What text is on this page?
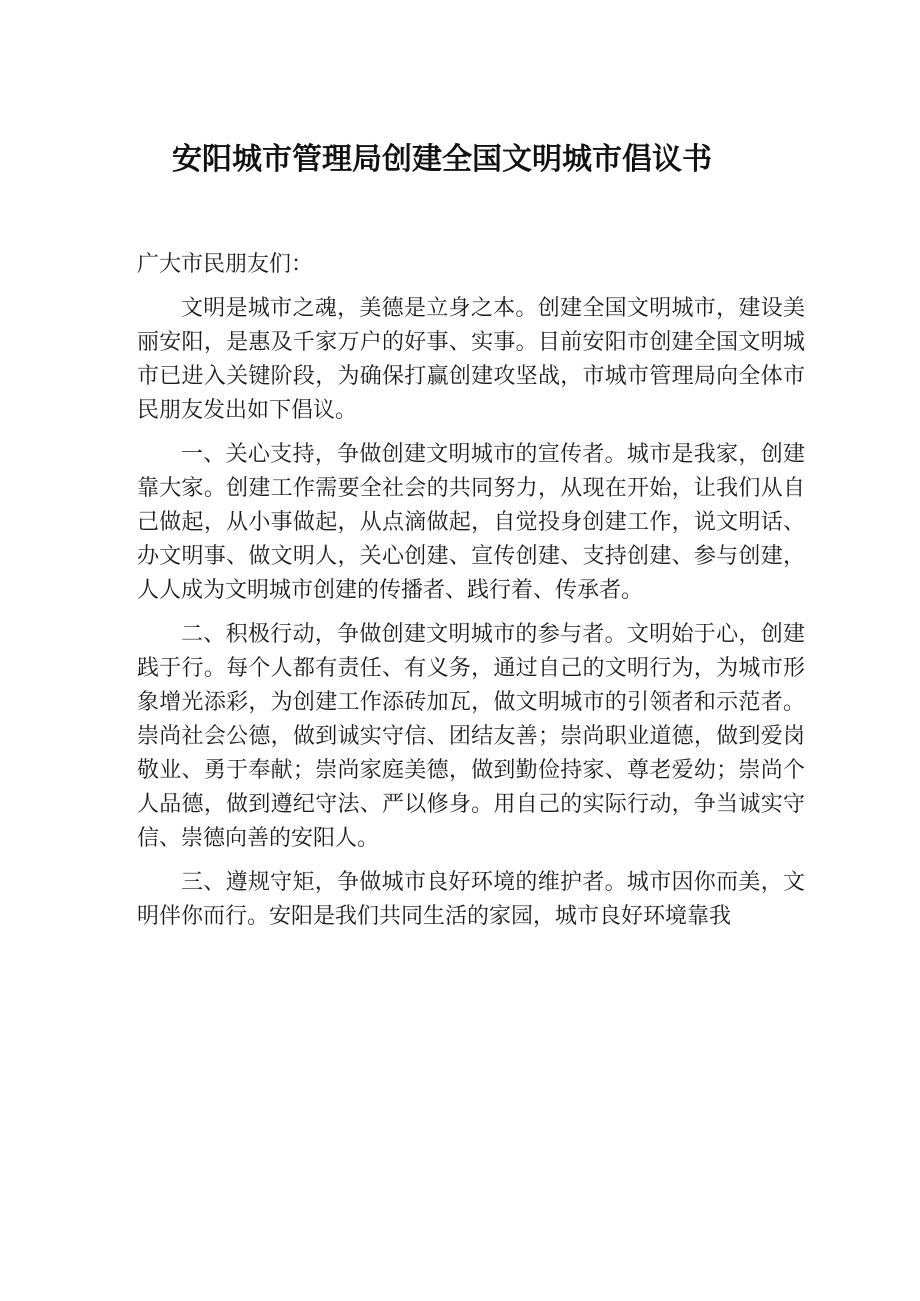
安阳城市管理局创建全国文明城市倡议书

广大市民朋友们：

文明是城市之魂，美德是立身之本。创建全国文明城市，建设美丽安阳，是惠及千家万户的好事、实事。目前安阳市创建全国文明城市已进入关键阶段，为确保打赢创建攻坚战，市城市管理局向全体市民朋友发出如下倡议。

一、关心支持，争做创建文明城市的宣传者。城市是我家，创建靠大家。创建工作需要全社会的共同努力，从现在开始，让我们从自己做起，从小事做起，从点滴做起，自觉投身创建工作，说文明话、办文明事、做文明人，关心创建、宣传创建、支持创建、参与创建，人人成为文明城市创建的传播者、践行着、传承者。

二、积极行动，争做创建文明城市的参与者。文明始于心，创建践于行。每个人都有责任、有义务，通过自己的文明行为，为城市形象增光添彩，为创建工作添砖加瓦，做文明城市的引领者和示范者。崇尚社会公德，做到诚实守信、团结友善；崇尚职业道德，做到爱岗敬业、勇于奉献；崇尚家庭美德，做到勤俭持家、尊老爱幼；崇尚个人品德，做到遵纪守法、严以修身。用自己的实际行动，争当诚实守信、崇德向善的安阳人。

三、遵规守矩，争做城市良好环境的维护者。城市因你而美，文明伴你而行。安阳是我们共同生活的家园，城市良好环境靠我
